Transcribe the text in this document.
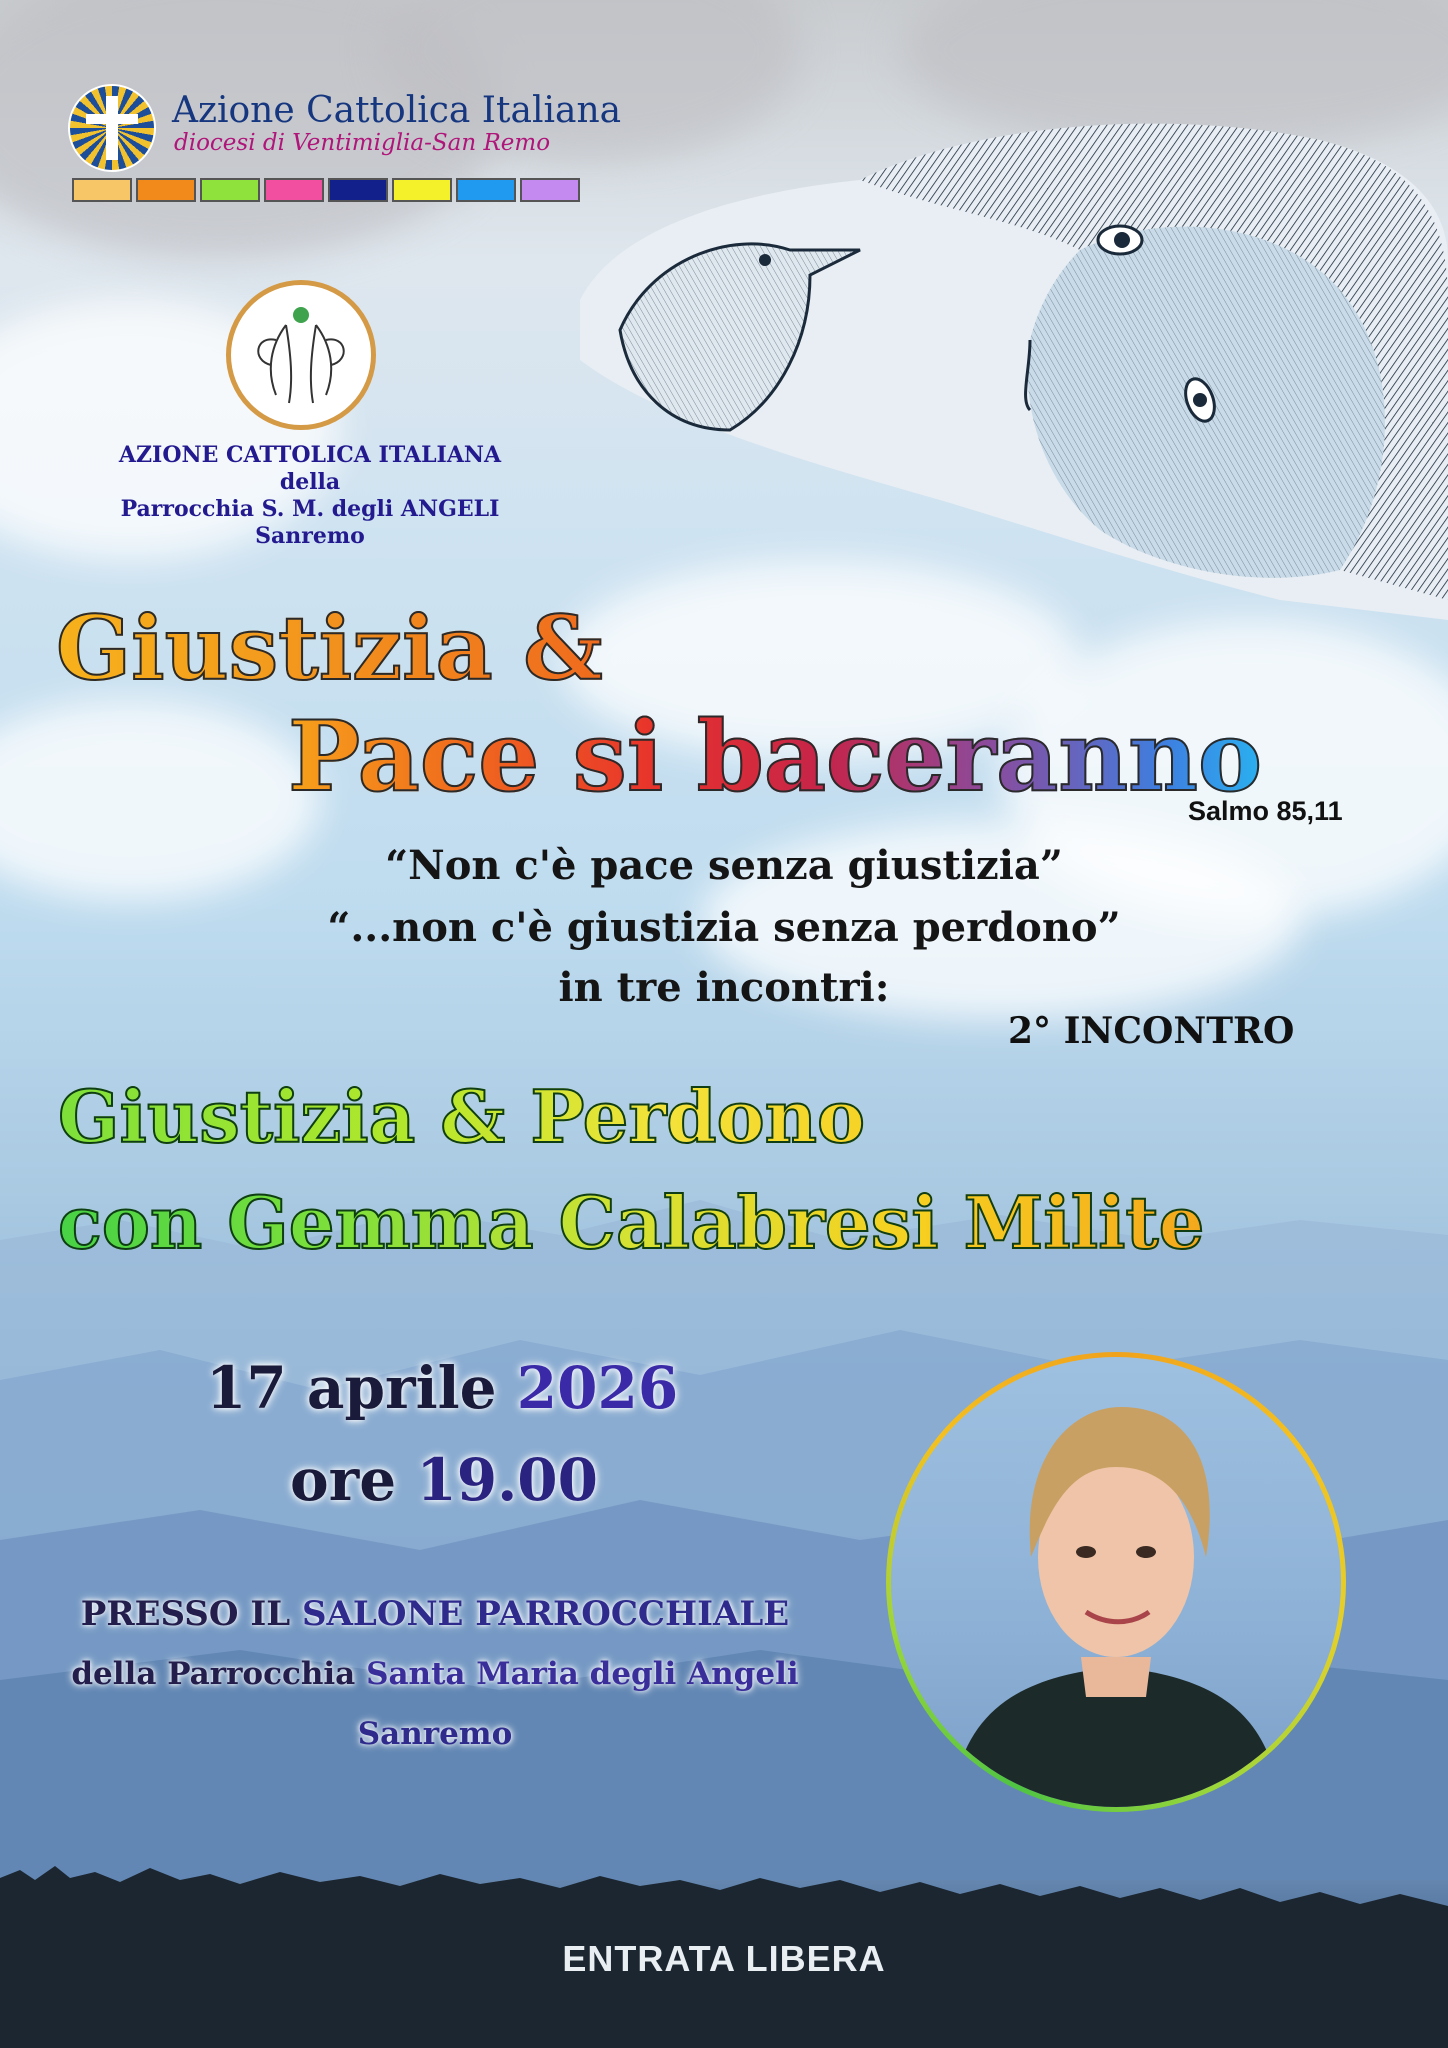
ENTRATA LIBERA
Azione Cattolica Italiana
diocesi di Ventimiglia-San Remo
AZIONE CATTOLICA ITALIANA
della
Parrocchia S. M. degli ANGELI
Sanremo
Giustizia &
Pace si baceranno
Salmo 85,11
“Non c'è pace senza giustizia”
“...non c'è giustizia senza perdono”
in tre incontri:
2° INCONTRO
Giustizia & Perdono
con Gemma Calabresi Milite
17 aprile 2026
ore 19.00
PRESSO IL SALONE PARROCCHIALE
della Parrocchia Santa Maria degli Angeli
Sanremo
